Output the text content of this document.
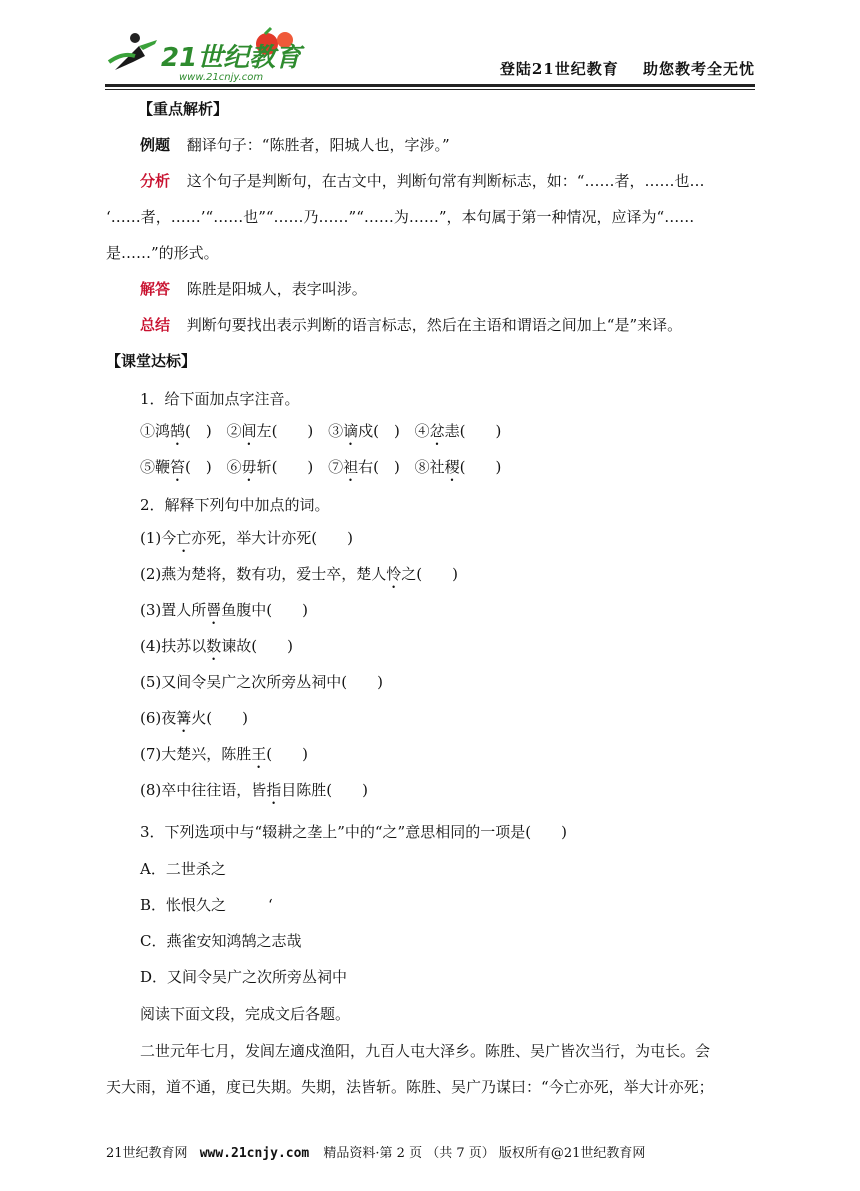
21世纪教育
www.21cnjy.com	登陆21世纪教育 助您教考全无忧
【重点解析】
例题 翻译句子：“陈胜者，阳城人也，字涉。”
分析 这个句子是判断句，在古文中，判断句常有判断标志，如：“……者，……也…
‘……者，……’“……也”“……乃……”“……为……”，本句属于第一种情况，应译为“……
是……”的形式。
解答 陈胜是阳城人，表字叫涉。
总结 判断句要找出表示判断的语言标志，然后在主语和谓语之间加上“是”来译。
【课堂达标】
1．给下面加点字注音。
①鸿鹄(　) ②闾左(　　) ③谪戍(　) ④忿恚(　　)
⑤鞭笞(　) ⑥毋斩(　　) ⑦袒右(　) ⑧社稷(　　)
2．解释下列句中加点的词。
(1)今亡亦死，举大计亦死(　　)
(2)燕为楚将，数有功，爱士卒，楚人怜之(　　)
(3)置人所罾鱼腹中(　　)
(4)扶苏以数谏故(　　)
(5)又间令吴广之次所旁丛祠中(　　)
(6)夜篝火(　　)
(7)大楚兴，陈胜王(　　)
(8)卒中往往语，皆指目陈胜(　　)
3．下列选项中与“辍耕之垄上”中的“之”意思相同的一项是(　　)
A．二世杀之
B．怅恨久之	‘
C．燕雀安知鸿鹄之志哉
D．又间令吴广之次所旁丛祠中
阅读下面文段，完成文后各题。
二世元年七月，发闾左適戍渔阳，九百人屯大泽乡。陈胜、吴广皆次当行，为屯长。会
天大雨，道不通，度已失期。失期，法皆斩。陈胜、吴广乃谋曰：“今亡亦死，举大计亦死；
21世纪教育网 www.21cnjy.com 精品资料·第 2 页 （共 7 页） 版权所有@21世纪教育网
